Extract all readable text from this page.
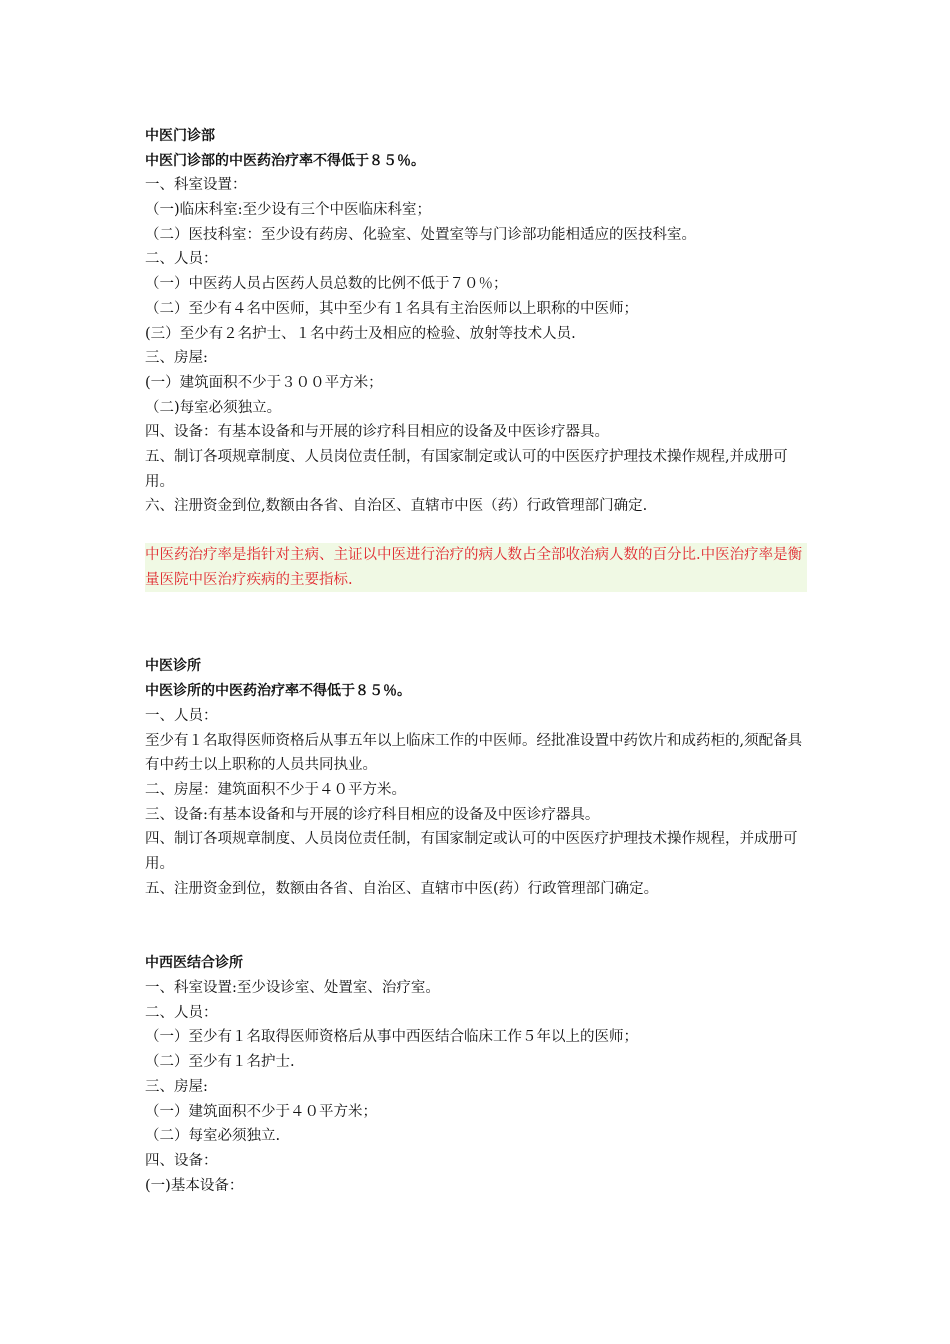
中医门诊部
中医门诊部的中医药治疗率不得低于８５％。
一、科室设置：
（一)临床科室:至少设有三个中医临床科室；
（二）医技科室：至少设有药房、化验室、处置室等与门诊部功能相适应的医技科室。
二、人员：
（一）中医药人员占医药人员总数的比例不低于７０％；
（二）至少有４名中医师，其中至少有１名具有主治医师以上职称的中医师；
(三）至少有２名护士、１名中药士及相应的检验、放射等技术人员.
三、房屋:
(一）建筑面积不少于３００平方米；
（二)每室必须独立。
四、设备：有基本设备和与开展的诊疗科目相应的设备及中医诊疗器具。
五、制订各项规章制度、人员岗位责任制，有国家制定或认可的中医医疗护理技术操作规程,并成册可用。
六、注册资金到位,数额由各省、自治区、直辖市中医（药）行政管理部门确定.
中医药治疗率是指针对主病、主证以中医进行治疗的病人数占全部收治病人数的百分比.中医治疗率是衡量医院中医治疗疾病的主要指标.
中医诊所
中医诊所的中医药治疗率不得低于８５％。
一、人员：
至少有１名取得医师资格后从事五年以上临床工作的中医师。经批准设置中药饮片和成药柜的,须配备具有中药士以上职称的人员共同执业。
二、房屋：建筑面积不少于４０平方米。
三、设备:有基本设备和与开展的诊疗科目相应的设备及中医诊疗器具。
四、制订各项规章制度、人员岗位责任制，有国家制定或认可的中医医疗护理技术操作规程，并成册可用。
五、注册资金到位，数额由各省、自治区、直辖市中医(药）行政管理部门确定。
中西医结合诊所
一、科室设置:至少设诊室、处置室、治疗室。
二、人员：
（一）至少有１名取得医师资格后从事中西医结合临床工作５年以上的医师；
（二）至少有１名护士.
三、房屋:
（一）建筑面积不少于４０平方米；
（二）每室必须独立.
四、设备：
(一)基本设备：
